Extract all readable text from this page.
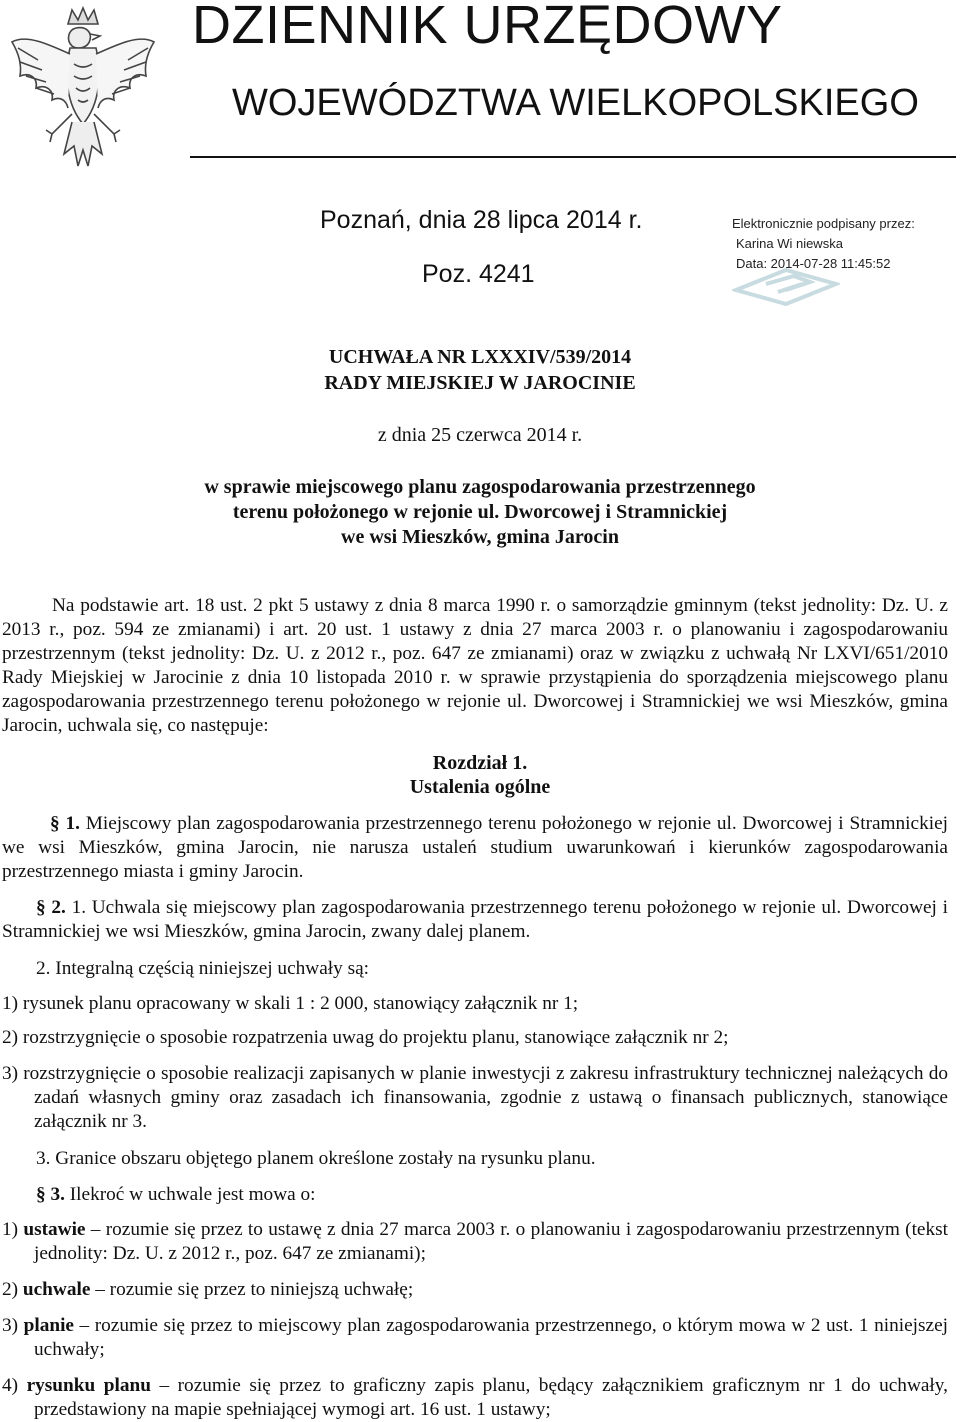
DZIENNIK URZĘDOWY
WOJEWÓDZTWA WIELKOPOLSKIEGO
Poznań, dnia 28 lipca 2014 r.
Poz. 4241
Elektronicznie podpisany przez:
Karina Wi niewska
Data: 2014-07-28 11:45:52
UCHWAŁA NR LXXXIV/539/2014
RADY MIEJSKIEJ W JAROCINIE
z dnia 25 czerwca 2014 r.
w sprawie miejscowego planu zagospodarowania przestrzennego
terenu położonego w rejonie ul. Dworcowej i Stramnickiej
we wsi Mieszków, gmina Jarocin
Na podstawie art. 18 ust. 2 pkt 5 ustawy z dnia 8 marca 1990 r. o samorządzie gminnym (tekst jednolity: Dz. U. z 2013 r., poz. 594 ze zmianami) i art. 20 ust. 1 ustawy z dnia 27 marca 2003 r. o planowaniu i zagospodarowaniu przestrzennym (tekst jednolity: Dz. U. z 2012 r., poz. 647 ze zmianami) oraz w związku z uchwałą Nr LXVI/651/2010 Rady Miejskiej w Jarocinie z dnia 10 listopada 2010 r. w sprawie przystąpienia do sporządzenia miejscowego planu zagospodarowania przestrzennego terenu położonego w rejonie ul. Dworcowej i Stramnickiej we wsi Mieszków, gmina Jarocin, uchwala się, co następuje:
Rozdział 1.
Ustalenia ogólne
§ 1. Miejscowy plan zagospodarowania przestrzennego terenu położonego w rejonie ul. Dworcowej i Stramnickiej we wsi Mieszków, gmina Jarocin, nie narusza ustaleń studium uwarunkowań i kierunków zagospodarowania przestrzennego miasta i gminy Jarocin.
§ 2. 1. Uchwala się miejscowy plan zagospodarowania przestrzennego terenu położonego w rejonie ul. Dworcowej i Stramnickiej we wsi Mieszków, gmina Jarocin, zwany dalej planem.
2. Integralną częścią niniejszej uchwały są:
1) rysunek planu opracowany w skali 1 : 2 000, stanowiący załącznik nr 1;
2) rozstrzygnięcie o sposobie rozpatrzenia uwag do projektu planu, stanowiące załącznik nr 2;
3) rozstrzygnięcie o sposobie realizacji zapisanych w planie inwestycji z zakresu infrastruktury technicznej należących do zadań własnych gminy oraz zasadach ich finansowania, zgodnie z ustawą o finansach publicznych, stanowiące załącznik nr 3.
3. Granice obszaru objętego planem określone zostały na rysunku planu.
§ 3. Ilekroć w uchwale jest mowa o:
1) ustawie – rozumie się przez to ustawę z dnia 27 marca 2003 r. o planowaniu i zagospodarowaniu przestrzennym (tekst jednolity: Dz. U. z 2012 r., poz. 647 ze zmianami);
2) uchwale – rozumie się przez to niniejszą uchwałę;
3) planie – rozumie się przez to miejscowy plan zagospodarowania przestrzennego, o którym mowa w 2 ust. 1 niniejszej uchwały;
4) rysunku planu – rozumie się przez to graficzny zapis planu, będący załącznikiem graficznym nr 1 do uchwały, przedstawiony na mapie spełniającej wymogi art. 16 ust. 1 ustawy;
